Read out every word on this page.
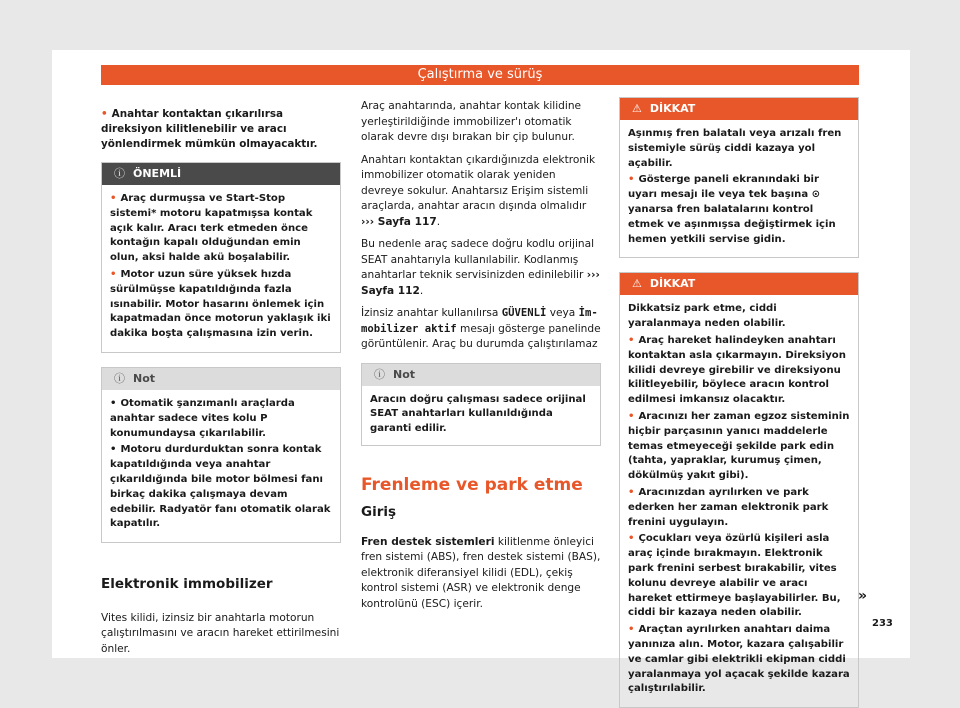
Çalıştırma ve sürüş
• Anahtar kontaktan çıkarılırsa direksiyon kilitlenebilir ve aracı yönlendirmek mümkün olmayacaktır.
ⓘ ÖNEMLİ
• Araç durmuşsa ve Start-Stop sistemi* motoru kapatmışsa kontak açık kalır. Aracı terk etmeden önce kontağın kapalı olduğundan emin olun, aksi halde akü boşalabilir.
• Motor uzun süre yüksek hızda sürülmüşse kapatıldığında fazla ısınabilir. Motor hasarını önlemek için kapatmadan önce motorun yaklaşık iki dakika boşta çalışmasına izin verin.
ⓘ Not
• Otomatik şanzımanlı araçlarda anahtar sadece vites kolu P konumundaysa çıkarılabilir.
• Motoru durdurduktan sonra kontak kapatıldığında veya anahtar çıkarıldığında bile motor bölmesi fanı birkaç dakika çalışmaya devam edebilir. Radyatör fanı otomatik olarak kapatılır.
Elektronik immobilizer

Vites kilidi, izinsiz bir anahtarla motorun çalıştırılmasını ve aracın hareket ettirilmesini önler.

Araç anahtarında, anahtar kontak kilidine yerleştirildiğinde immobilizer'ı otomatik olarak devre dışı bırakan bir çip bulunur.

Anahtarı kontaktan çıkardığınızda elektronik immobilizer otomatik olarak yeniden devreye sokulur. Anahtarsız Erişim sistemli araçlarda, anahtar aracın dışında olmalıdır ››› Sayfa 117.

Bu nedenle araç sadece doğru kodlu orijinal SEAT anahtarıyla kullanılabilir. Kodlanmış anahtarlar teknik servisinizden edinilebilir ››› Sayfa 112.

İzinsiz anahtar kullanılırsa GÜVENLİ veya İm-mobilizer aktif mesajı gösterge panelinde görüntülenir. Araç bu durumda çalıştırılamaz

ⓘ Not
Aracın doğru çalışması sadece orijinal SEAT anahtarları kullanıldığında garanti edilir.
Frenleme ve park etme
Giriş

Fren destek sistemleri kilitlenme önleyici fren sistemi (ABS), fren destek sistemi (BAS), elektronik diferansiyel kilidi (EDL), çekiş kontrol sistemi (ASR) ve elektronik denge kontrolünü (ESC) içerir.

⚠ DİKKAT
Aşınmış fren balatalı veya arızalı fren sistemiyle sürüş ciddi kazaya yol açabilir.
• Gösterge paneli ekranındaki bir uyarı mesajı ile veya tek başına ⊙ yanarsa fren balatalarını kontrol etmek ve aşınmışsa değiştirmek için hemen yetkili servise gidin.
⚠ DİKKAT
Dikkatsiz park etme, ciddi yaralanmaya neden olabilir.
• Araç hareket halindeyken anahtarı kontaktan asla çıkarmayın. Direksiyon kilidi devreye girebilir ve direksiyonu kilitleyebilir, böylece aracın kontrol edilmesi imkansız olacaktır.
• Aracınızı her zaman egzoz sisteminin hiçbir parçasının yanıcı maddelerle temas etmeyeceği şekilde park edin (tahta, yapraklar, kurumuş çimen, dökülmüş yakıt gibi).
• Aracınızdan ayrılırken ve park ederken her zaman elektronik park frenini uygulayın.
• Çocukları veya özürlü kişileri asla araç içinde bırakmayın. Elektronik park frenini serbest bırakabilir, vites kolunu devreye alabilir ve aracı hareket ettirmeye başlayabilirler. Bu, ciddi bir kazaya neden olabilir.
• Araçtan ayrılırken anahtarı daima yanınıza alın. Motor, kazara çalışabilir ve camlar gibi elektrikli ekipman ciddi yaralanmaya yol açacak şekilde kazara çalıştırılabilir.
»
233
